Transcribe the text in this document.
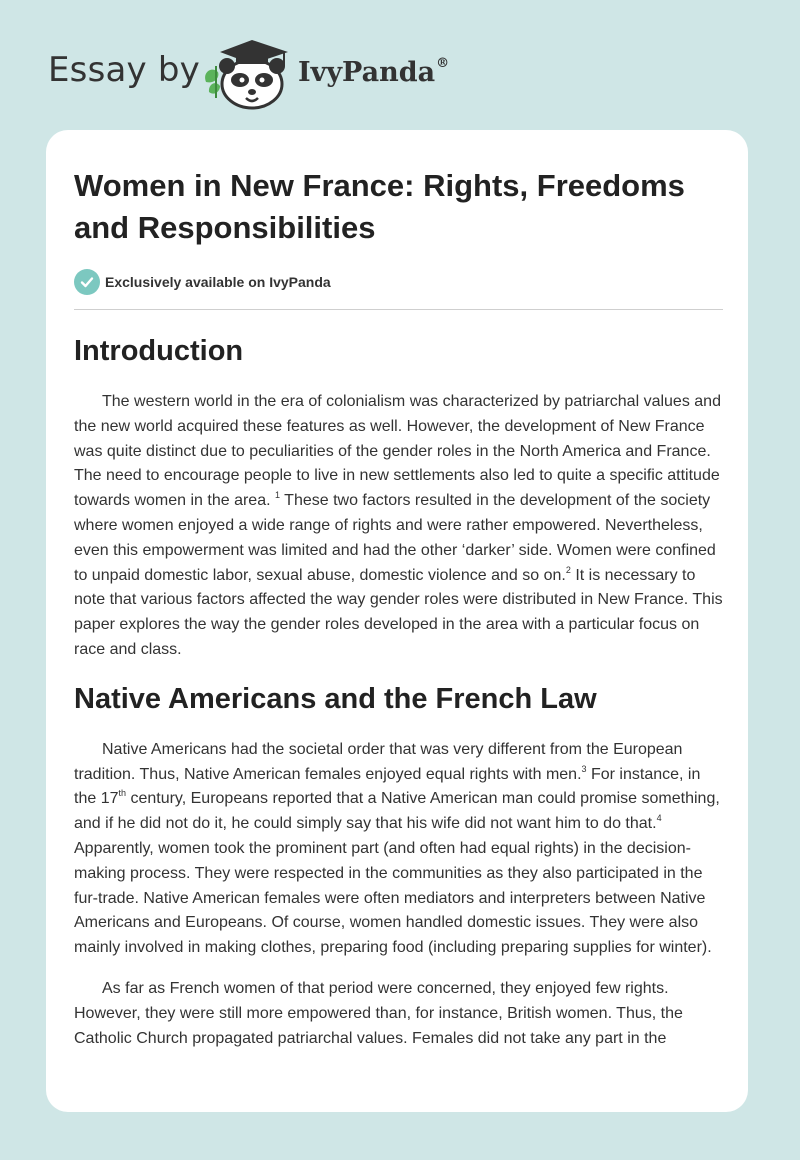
Essay by	IvyPanda®
Women in New France: Rights, Freedoms and Responsibilities
Exclusively available on IvyPanda
Introduction

The western world in the era of colonialism was characterized by patriarchal values and the new world acquired these features as well. However, the development of New France was quite distinct due to peculiarities of the gender roles in the North America and France. The need to encourage people to live in new settlements also led to quite a specific attitude towards women in the area. $^1$ These two factors resulted in the development of the society where women enjoyed a wide range of rights and were rather empowered. Nevertheless, even this empowerment was limited and had the other ‘darker’ side. Women were confined to unpaid domestic labor, sexual abuse, domestic violence and so on.$^2$ It is necessary to note that various factors affected the way gender roles were distributed in New France. This paper explores the way the gender roles developed in the area with a particular focus on race and class.

Native Americans and the French Law

Native Americans had the societal order that was very different from the European tradition. Thus, Native American females enjoyed equal rights with men.$^3$ For instance, in the 17th century, Europeans reported that a Native American man could promise something, and if he did not do it, he could simply say that his wife did not want him to do that.$^4$ Apparently, women took the prominent part (and often had equal rights) in the decision-making process. They were respected in the communities as they also participated in the fur-trade. Native American females were often mediators and interpreters between Native Americans and Europeans. Of course, women handled domestic issues. They were also mainly involved in making clothes, preparing food (including preparing supplies for winter).

As far as French women of that period were concerned, they enjoyed few rights. However, they were still more empowered than, for instance, British women. Thus, the Catholic Church propagated patriarchal values. Females did not take any part in the
